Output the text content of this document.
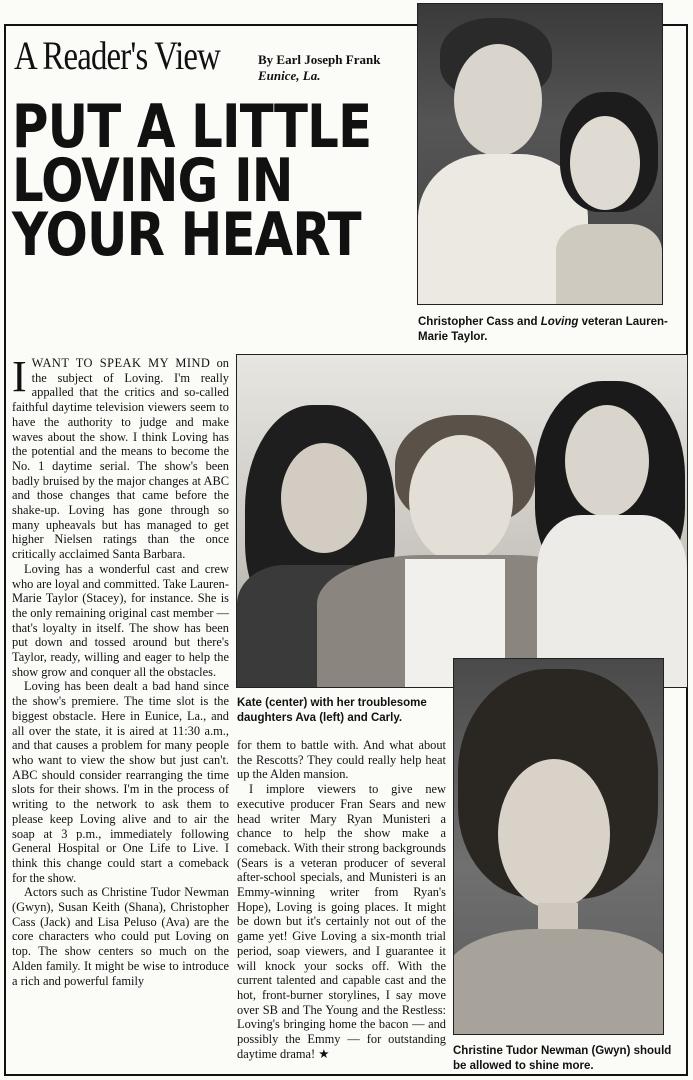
A Reader's View	By Earl Joseph Frank
Eunice, La.
PUT A LITTLE
LOVING IN
YOUR HEART
Christopher Cass and Loving veteran Lauren-Marie Taylor.
Kate (center) with her troublesome daughters Ava (left) and Carly.
Christine Tudor Newman (Gwyn) should be allowed to shine more.

IWANT TO SPEAK MY MIND on the subject of Loving. I'm really appalled that the critics and so-called faithful daytime television viewers seem to have the authority to judge and make waves about the show. I think Loving has the potential and the means to become the No. 1 daytime serial. The show's been badly bruised by the major changes at ABC and those changes that came before the shake-up. Loving has gone through so many upheavals but has managed to get higher Nielsen ratings than the once critically acclaimed Santa Barbara.

Loving has a wonderful cast and crew who are loyal and committed. Take Lauren-Marie Taylor (Stacey), for instance. She is the only remaining original cast member — that's loyalty in itself. The show has been put down and tossed around but there's Taylor, ready, willing and eager to help the show grow and conquer all the obstacles.

Loving has been dealt a bad hand since the show's premiere. The time slot is the biggest obstacle. Here in Eunice, La., and all over the state, it is aired at 11:30 a.m., and that causes a problem for many people who want to view the show but just can't. ABC should consider rearranging the time slots for their shows. I'm in the process of writing to the network to ask them to please keep Loving alive and to air the soap at 3 p.m., immediately following General Hospital or One Life to Live. I think this change could start a comeback for the show.

Actors such as Christine Tudor Newman (Gwyn), Susan Keith (Shana), Christopher Cass (Jack) and Lisa Peluso (Ava) are the core characters who could put Loving on top. The show centers so much on the Alden family. It might be wise to introduce a rich and powerful family

for them to battle with. And what about the Rescotts? They could really help heat up the Alden mansion.

I implore viewers to give new executive producer Fran Sears and new head writer Mary Ryan Munisteri a chance to help the show make a comeback. With their strong backgrounds (Sears is a veteran producer of several after-school specials, and Munisteri is an Emmy-winning writer from Ryan's Hope), Loving is going places. It might be down but it's certainly not out of the game yet! Give Loving a six-month trial period, soap viewers, and I guarantee it will knock your socks off. With the current talented and capable cast and the hot, front-burner storylines, I say move over SB and The Young and the Restless: Loving's bringing home the bacon — and possibly the Emmy — for outstanding daytime drama! ★
